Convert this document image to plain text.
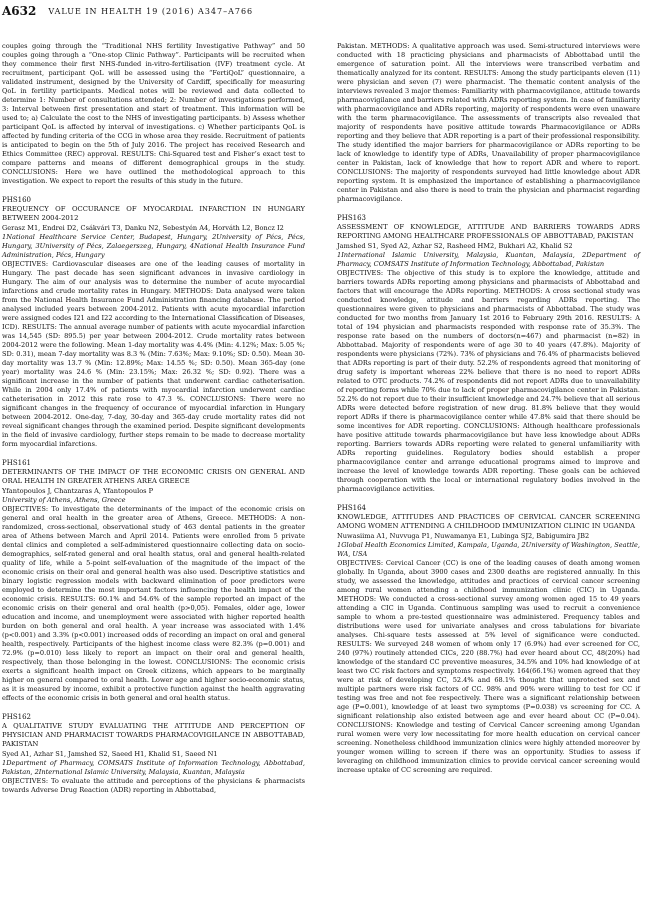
A632 VALUE IN HEALTH 19 (2016) A347–A766

couples going through the “Traditional NHS fertility Investigative Pathway” and 50 couples going through a “One-stop Clinic Pathway”. Participants will be recruited when they commence their first NHS-funded in-vitro-fertilisation (IVF) treatment cycle. At recruitment, participant QoL will be assessed using the “FertiQoL” questionnaire, a validated instrument, designed by the University of Cardiff, specifically for measuring QoL in fertility participants. Medical notes will be reviewed and data collected to determine 1: Number of consultations attended; 2: Number of investigations performed, 3: Interval between first presentation and start of treatment. This information will be used to; a) Calculate the cost to the NHS of investigating participants. b) Assess whether participant QoL is affected by interval of investigations. c) Whether participants QoL is affected by funding criteria of the CCG in whose area they reside. Recruitment of patients is anticipated to begin on the 5th of July 2016. The project has received Research and Ethics Committee (REC) approval. RESULTS: Chi-Squared test and Fisher’s exact test to compare patterns and means of different demographical groups in the study. CONCLUSIONS: Here we have outlined the methodological approach to this investigation. We expect to report the results of this study in the future.

PHS160

FREQUENCY OF OCCURANCE OF MYOCARDIAL INFARCTION IN HUNGARY BETWEEN 2004-2012

Gerasz M1, Endrei D2, Csákvári T3, Danku N2, Sebestyén A4, Horváth L2, Boncz I2

1National Healthcare Service Center, Budapest, Hungary, 2University of Pécs, Pécs, Hungary, 3University of Pécs, Zalaegerszeg, Hungary, 4National Health Insurance Fund Administration, Pécs, Hungary

OBJECTIVES: Cardiovascular diseases are one of the leading causes of mortality in Hungary. The past decade has seen significant advances in invasive cardiology in Hungary. The aim of our analysis was to determine the number of acute myocardial infarctions and crude mortality rates in Hungary. METHODS: Data analysed were taken from the National Health Insurance Fund Administration financing database. The period analysed included years between 2004-2012. Patients with acute myocardial infarction were assigned codes I21 and I22 according to the International Classification of Diseases, ICD). RESULTS: The annual average number of patients with acute myocardial infarction was 14,545 (SD: 895.5) per year between 2004-2012. Crude mortality rates between 2004-2012 were the following. Mean 1-day mortality was 4.4% (Min: 4.12%; Max: 5.05 %; SD: 0.31), mean 7-day mortality was 8.3 % (Min: 7.63%; Max: 9.10%; SD: 0.50). Mean 30-day mortality was 13.7 % (Min: 12.89%; Max: 14.55 %; SD: 0.50). Mean 365-day (one year) mortality was 24.6 % (Min: 23.15%; Max: 26.32 %; SD: 0.92). There was a significant increase in the number of patients that underwent cardiac catheterisation. While in 2004 only 17.4% of patients with myocardial infarction underwent cardiac catheterisation in 2012 this rate rose to 47.3 %. CONCLUSIONS: There were no significant changes in the frequency of occurance of myocardial infarction in Hungary between 2004-2012. One-day, 7-day, 30-day and 365-day crude mortality rates did not reveal significant changes through the examined period. Despite significant developments in the field of invasive cardiology, further steps remain to be made to decrease mortality form myocardial infarctions.

PHS161

DETERMINANTS OF THE IMPACT OF THE ECONOMIC CRISIS ON GENERAL AND ORAL HEALTH IN GREATER ATHENS AREA GREECE

Yfantopoulos J, Chantzaras A, Yfantopoulos P

University of Athens, Athens, Greece

OBJECTIVES: To investigate the determinants of the impact of the economic crisis on general and oral health in the greater area of Athens, Greece. METHODS: A non-randomized, cross-sectional, observational study of 463 dental patients in the greater area of Athens between March and April 2014. Patients were enrolled from 5 private dental clinics and completed a self-administered questionnaire collecting data on socio-demographics, self-rated general and oral health status, oral and general health-related quality of life, while a 5-point self-evaluation of the magnitude of the impact of the economic crisis on their oral and general health was also used. Descriptive statistics and binary logistic regression models with backward elimination of poor predictors were employed to determine the most important factors influencing the health impact of the economic crisis. RESULTS: 60.1% and 54.6% of the sample reported an impact of the economic crisis on their general and oral health (p>0,05). Females, older age, lower education and income, and unemployment were associated with higher reported health burden on both general and oral health. A year increase was associated with 1.4% (p<0.001) and 3.3% (p<0.001) increased odds of recording an impact on oral and general health, respectively. Participants of the highest income class were 82.3% (p=0.001) and 72.9% (p=0.010) less likely to report an impact on their oral and general health, respectively, than those belonging in the lowest. CONCLUSIONS: The economic crisis exerts a significant health impact on Greek citizens, which appears to be marginally higher on general compared to oral health. Lower age and higher socio-economic status, as it is measured by income, exhibit a protective function against the health aggravating effects of the economic crisis in both general and oral health status.

PHS162

A QUALITATIVE STUDY EVALUATING THE ATTITUDE AND PERCEPTION OF PHYSICIAN AND PHARMACIST TOWARDS PHARMACOVIGILANCE IN ABBOTTABAD, PAKISTAN

Syed A1, Azhar S1, Jamshed S2, Saeed H1, Khalid S1, Saeed N1

1Department of Pharmacy, COMSATS Institute of Information Technology, Abbottabad, Pakistan, 2International Islamic University, Malaysia, Kuantan, Malaysia

OBJECTIVES: To evaluate the attitude and perceptions of the physicians & pharmacists towards Adverse Drug Reaction (ADR) reporting in Abbottabad,

Pakistan. METHODS: A qualitative approach was used. Semi-structured interviews were conducted with 18 practicing physicians and pharmacists of Abbottabad until the emergence of saturation point. All the interviews were transcribed verbatim and thematically analyzed for its content. RESULTS: Among the study participants eleven (11) were physician and seven (7) were pharmacist. The thematic content analysis of the interviews revealed 3 major themes: Familiarity with pharmacovigilance, attitude towards pharmacovigilance and barriers related with ADRs reporting system. In case of familiarity with pharmacovigilance and ADRs reporting, majority of respondents were even unaware with the term pharmacovigilance. The assessments of transcripts also revealed that majority of respondents have positive attitude towards Pharmacovigilance or ADRs reporting and they believe that ADR reporting is a part of their professional responsibility. The study identified the major barriers for pharmacovigilance or ADRs reporting to be lack of knowledge to identify type of ADRs, Unavailability of proper pharmacovigilance center in Pakistan, lack of knowledge that how to report ADR and where to report. CONCLUSIONS: The majority of respondents surveyed had little knowledge about ADR reporting system. It is emphasized the importance of establishing a pharmacovigilance center in Pakistan and also there is need to train the physician and pharmacist regarding pharmacovigilance.

PHS163

ASSESSMENT OF KNOWLEDGE, ATTITUDE AND BARRIERS TOWARDS ADRS REPORTING AMONG HEALTHCARE PROFESSIONALS OF ABBOTTABAD, PAKISTAN

Jamshed S1, Syed A2, Azhar S2, Rasheed HM2, Bukhari A2, Khalid S2

1International Islamic University, Malaysia, Kuantan, Malaysia, 2Department of Pharmacy, COMSATS Institute of Information Technology, Abbottabad, Pakistan

OBJECTIVES: The objective of this study is to explore the knowledge, attitude and barriers towards ADRs reporting among physicians and pharmacists of Abbottabad and factors that will encourage the ADRs reporting. METHODS: A cross sectional study was conducted knowledge, attitude and barriers regarding ADRs reporting. The questionnaires were given to physicians and pharmacists of Abbottabad. The study was conducted for two months from January 1st 2016 to February 29th 2016. RESULTS: A total of 194 physician and pharmacists responded with response rate of 35.3%. The response rate based on the numbers of doctors(n=467) and pharmacist (n=82) in Abbottabad. Majority of respondents were of age 30 to 40 years (47.8%). Majority of respondents were physicians (72%). 73% of physicians and 76.4% of pharmacists believed that ADRs reporting is part of their duty. 52.2% of respondents agreed that monitoring of drug safety is important whereas 22% believe that there is no need to report ADRs related to OTC products. 74.2% of respondents did not report ADRs due to unavailability of reporting forms while 70% due to lack of proper pharmacovigilance center in Pakistan. 52.2% do not report due to their insufficient knowledge and 24.7% believe that all serious ADRs were detected before registration of new drug. 81.8% believe that they would report ADRs if there is pharmacovigilance center while 47.8% said that there should be some incentives for ADR reporting. CONCLUSIONS: Although healthcare professionals have positive attitude towards pharmacovigilance but have less knowledge about ADRs reporting. Barriers towards ADRs reporting were related to general unfamiliarity with ADRs reporting guidelines. Regulatory bodies should establish a proper pharmacovigilance center and arrange educational programs aimed to improve and increase the level of knowledge towards ADR reporting. These goals can be achieved through cooperation with the local or international regulatory bodies involved in the pharmacovigilance activities.

PHS164

KNOWLEDGE, ATTITUDES AND PRACTICES OF CERVICAL CANCER SCREENING AMONG WOMEN ATTENDING A CHILDHOOD IMMUNIZATION CLINIC IN UGANDA

Nuwasiima A1, Nuvvuga P1, Nuwamanya E1, Lubinga SJ2, Babigumira JB2

1Global Health Economics Limited, Kampala, Uganda, 2University of Washington, Seattle, WA, USA

OBJECTIVES: Cervical Cancer (CC) is one of the leading causes of death among women globally. In Uganda, about 3900 cases and 2300 deaths are registered annually. In this study, we assessed the knowledge, attitudes and practices of cervical cancer screening among rural women attending a childhood immunization clinic (CIC) in Uganda. METHODS: We conducted a cross-sectional survey among women aged 15 to 49 years attending a CIC in Uganda. Continuous sampling was used to recruit a convenience sample to whom a pre-tested questionnaire was administered. Frequency tables and distributions were used for univariate analyses and cross tabulations for bivariate analyses. Chi-square tests assessed at 5% level of significance were conducted. RESULTS: We surveyed 248 women of whom only 17 (6.9%) had ever screened for CC, 240 (97%) routinely attended CICs, 220 (88.7%) had ever heard about CC, 48(20%) had knowledge of the standard CC preventive measures, 34.5% and 10% had knowledge of at least two CC risk factors and symptoms respectively. 164(66.1%) women agreed that they were at risk of developing CC, 52.4% and 68.1% thought that unprotected sex and multiple partners were risk factors of CC. 98% and 90% were willing to test for CC if testing was free and not fee respectively. There was a significant relationship between age (P=0.001), knowledge of at least two symptoms (P=0.038) vs screening for CC. A significant relationship also existed between age and ever heard about CC (P=0.04). CONCLUSIONS: Knowledge and testing of Cervical Cancer screening among Ugandan rural women were very low necessitating for more health education on cervical cancer screening. Nonetheless childhood immunization clinics were highly attended moreover by younger women willing to screen if there was an opportunity. Studies to assess if leveraging on childhood immunization clinics to provide cervical cancer screening would increase uptake of CC screening are required.
